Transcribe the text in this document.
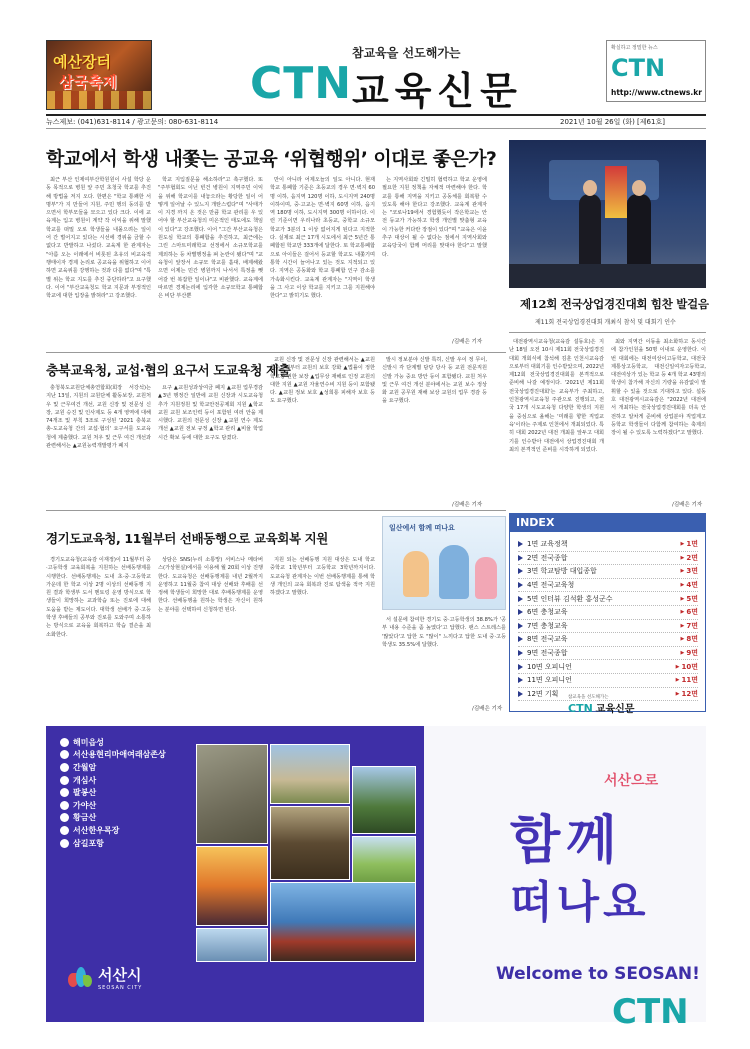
예산장터
삼국축제
참교육을 선도해가는
CTN 교육신문
확실하고 정밀한 뉴스
CTN
http://www.ctnews.kr
뉴스제보: (041)631-8114 / 광고문의: 080-631-8114	2021년 10월 26일 (화) [제61호]
학교에서 학생 내쫓는 공교육 ‘위협행위’ 이대로 좋은가?

최근 부산 인제여부산학원원이 사설 학당 운동 목적으로 병원 앞 주민 초청국 학교를 추진해 방법을 저지 오다. 한편은 "학교 통쾌한 서명부"가 지 만들어 지원, 주민 행의 동의를 받으면서 학부모들을 모으고 있다 크다. 이에 교육계는 입고 병원이 계약 작 이익을 위해 말했 학교를 떠밀 오로 학생들을 내몰으려는 일이 어 간 벌어지고 있다는 시선에 경위을 금할 수 없다고 반발하고 나섰다. 교육계 한 관계자는 "아름 오는 이래에서 비롯된 초유의 비교육적 행태이자 경제 논리로 공교육을 위협하고 이어하면 교육위를 강행하는 것과 다를 없다"며 "특별 위는 학교 지도를 추진 중단하라"고 요구했다. 이어 "부산교육청도 학교 지문과 부정적인 학교에 대한 입장을 밝혀라"고 강조했다.

학교 지입질문을 해소하라"고 촉구했다. 또 "주부협회도 이닌 빈건 병원이 지역주민 이익을 위해 학교이를 내놓으라는 황당한 일이 어떻게 일어날 수 있느지 개탄스럽다"며 "사태가 이 지경 까지 온 것은 만큼 학교 관리를 우 있어야 할 부산교육청의 미온적인 태도에도 책임이 있다"고 강조했다. 이어 "그간 부산교육청은 원도심 학교의 통폐합을 추진하고, 최근에는 그린 스마트미래학교 선정에서 소규모학교를 제외하는 등 차별행정을 펴 논란이 됐다"며 "교육청이 앞장서 소규모 학교를 홀대, 배제해왔으면 이제는 민간 병원까지 나서서 특정을 뺏어갈 번 복잡한 일이냐"고 비판했다. 교육계에 따르면 경제논리에 입각한 소규모학교 통폐합은 비단 부산뿐

만이 아니라 어제오늘의 일도 아니다. 현재 학교 통폐합 기준은 초등교의 경우 면·벽지 60명 이하, 읍지역 120명 이하, 도시지역 240명 이하이며, 중·고교는 면·벽지 60명 이하, 읍지역 180명 이하, 도시지역 300명 이하이다. 이런 기준이면 우리나라 초등교, 중학교 소규모학교가 3분의 1 이상 없어지게 된다고 지적한다. 실제로 최근 17개 시도에서 최근 5년간 통폐합된 학교만 333개에 달한다. 또 학교통폐합으로 아이들은 걸어서 등교할 학교도 내쫓기며 통학 시간이 늘어나고 있는 것도 지적되고 있다. 지역은 공동화와 학교 통폐합 인구 감소를 가속화시킨다. 교육계 관계자는 "지역이 학생을 그 사고 이상 학교를 지키고 그를 지원해야 한다"고 밝히기도 했다.

는 지역사회와 긴밀히 협력하고 학교 운영에 필요한 지원 정책을 자체적 마련해야 한다. 학교를 통해 지역을 지키고 공동체를 회복할 수 있도록 해야 한다고 강조했다. 교육계 관계자는 "코로나19에서 경험했듯이 작은학교는 안전 등교가 가능하고 학생 개인별 맞춤형 교육이 가능한 커다란 장점이 있다"며 "교육은 이윤 추구 대상이 될 수 없다는 점에서 지역사회와 교육당국이 함께 머리를 맞대야 한다"고 말했다.

/김배은 기자
제12회 전국상업경진대회 힘찬 발걸음
제11회 전국상업경진대회 개최식 참석 및 대회기 인수

대전광역시교육청(교육감 설동호)은 지난 18일 오전 10시 제11회 전국상업경진대회 개회식에 참석해 김훈 인천시교육감으로부터 대회기를 인수받았으며, 2022년 제12회 전국상업경진대회를 본격적으로 준비해 나갈 예정이다. '2021년 제11회 전국상업경진대회'는 교육부가 주최하고, 인천광역시교육청 주관으로 진행되고, 전국 17개 시도교육청 다양한 학생의 지원을 중심으로 올해는 '미래를 향한 직업교육'이라는 주제로 인천에서 개최되었다. 특히 대회 2022년 대전 개최를 앞두고 대회기를 인수받아 대전에서 상업경진대회 개최의 본격적인 준비를 시작하게 되었다.

최와 지역간 이동을 최소화하고 동시간에 참가인원을 50명 이내로 운영한다. 이번 대회에는 대전여상이고등학교, 대전국제통상고등학교, 대전신일여자고등학교, 대전여상가 있는 학교 등 4개 학교 43명의 학생이 참가해 자신의 기량을 유감없이 발휘할 수 있을 것으로 기대하고 있다. 설동호 대전광역시교육감은 "2022년 대전에서 개최하는 전국상업경진대회를 더욱 안전하고 알차게 준비해 상업분야 직업계고등학교 학생들이 다함께 참여하는 축제의 장이 될 수 있도록 노력하겠다"고 말했다.

/김배은 기자
충북교육청, 교섭·협의 요구서 도교육청 제출

충청북도교원단체총연합회(회장 서강석)는 지난 13일, 지원의 교원단체 활동보장, 교원처우 및 근무여건 개선, 교원 신장 및 전문성 신장, 교원 승진 및 인사제도 등 4개 영역에 대해 74개조 및 부칙 3조로 구성된 '2021 충북교총-도교육청 간의 교섭·협의' 요구서를 도교육청에 제출했다. 교원 처우 및 근무 여건 개선과 관련해서는 ▲교원능력개발평가 폐지

요구 ▲교원성과상여금 폐지 ▲교원 업무경감 ▲3년 행정간 일반에 교원 신장과 시도교육청추가 지원정원 및 학교안전공제회 지원 ▲학교 교원 교원 보조인력 등이 포함된 여러 안을 제시했다. 교원의 전문성 신장 ▲교원 연수 제도 개선 ▲교원 전보 규정 ▲학교 관리 ▲비율 학업 시간 확보 등에 대한 요구도 담겼다.

교원 신장 및 전문성 신장 관련해서는 ▲교원원수업체부터 교원의 보호 강화 ▲법률이 정한 학교장 권한 보장 ▲업무상 재해로 인정 교원의 대한 지원 ▲교원 자율연수비 지원 등이 포함됐다. ▲교원 정보 보호 ▲성희롱 피해자 보호 등도 요구했다.

발시 정보분야 신발 특히, 신발 우이 정 무이, 신발시 각 단계별 담당 당사 등 교원 전문직원 신발 가능 중요 방안 등이 포함됐다. 교원 처우 및 근무 여건 개선 분야에서는 교원 보수 정상화 교원 공무원 재해 보상 교원의 업무 경감 등을 요구했다.

/김배은 기자
경기도교육청, 11월부터 선배동행으로 교육회복 지원

경기도교육청(교육감 이재정)이 11월부터 중·고등학생 교육회복을 지원하는 선배동행제를 시행한다. 선배동행제는 도내 초·중·고등학교 가운데 한 학교 이상 2명 이상의 선배동행 지원 결과 학생부 도서 멘토링 운영 방식으로 학생들이 희망하는 교과학습 또는 진로에 대해 도움을 받는 제도이다. 대학생 선배가 중·고등학생 후배들의 공부와 진로를 도와주며 소통하는 방식으로 교육을 회복하고 학습 결손을 최소화한다.

상담은 SNS(누리 소통망) 서비스나 메타버스(가상현실)에서를 이용해 월 20회 이상 진행한다. 도교육청은 선배동행제를 내년 2월까지 운영하고 11월중 참여 대상 선배와 후배를 선정해 학생들이 희망한 대로 후배동행제를 운영한다. 선배동행을 원하는 학생은 자신이 원하는 분야를 선택하여 신청하면 된다.

지원 되는 선배동행 지원 대상은 도내 학교 중학교 1학년부터 고등학교 3학년까지이다. 도교육청 관계자는 이번 선배동행제를 통해 학생 개인의 교육 회복과 진로 탐색을 적극 지원하겠다고 말했다.

일산에서 함께 떠나요

서 설문에 참여한 경기도 중·고등학생의 38.8%가 '공부 내용 수준을 좀 높였다'고 답했다. 팬스 스트레스를 '많았다'고 답한 도 "많이" 느끼다고 답한 도내 중·고등학생도 35.5%에 달했다.

/김배은 기자
INDEX
1면 교육정책	▶ 1면
2면 전국종합	▶ 2면
3면 학교탐방 대입종합	▶ 3면
4면 전국교육청	▶ 4면
5면 인터뷰 김석환 홍성군수	▶ 5면
6면 충청교육	▶ 6면
7면 충청교육	▶ 7면
8면 전국교육	▶ 8면
9면 전국종합	▶ 9면
10면 오피니언	▶ 10면
11면 오피니언	▶ 11면
12면 기획	▶ 12면
참교육을 선도해가는
CTN 교육신문
해미읍성
서산용현리마애여래삼존상
간월암
개심사
팔봉산
가야산
황금산
서산한우목장
삼길포항
서산시
SEOSAN CITY
서산으로
함께
떠나요
Welcome to SEOSAN!
CTN
